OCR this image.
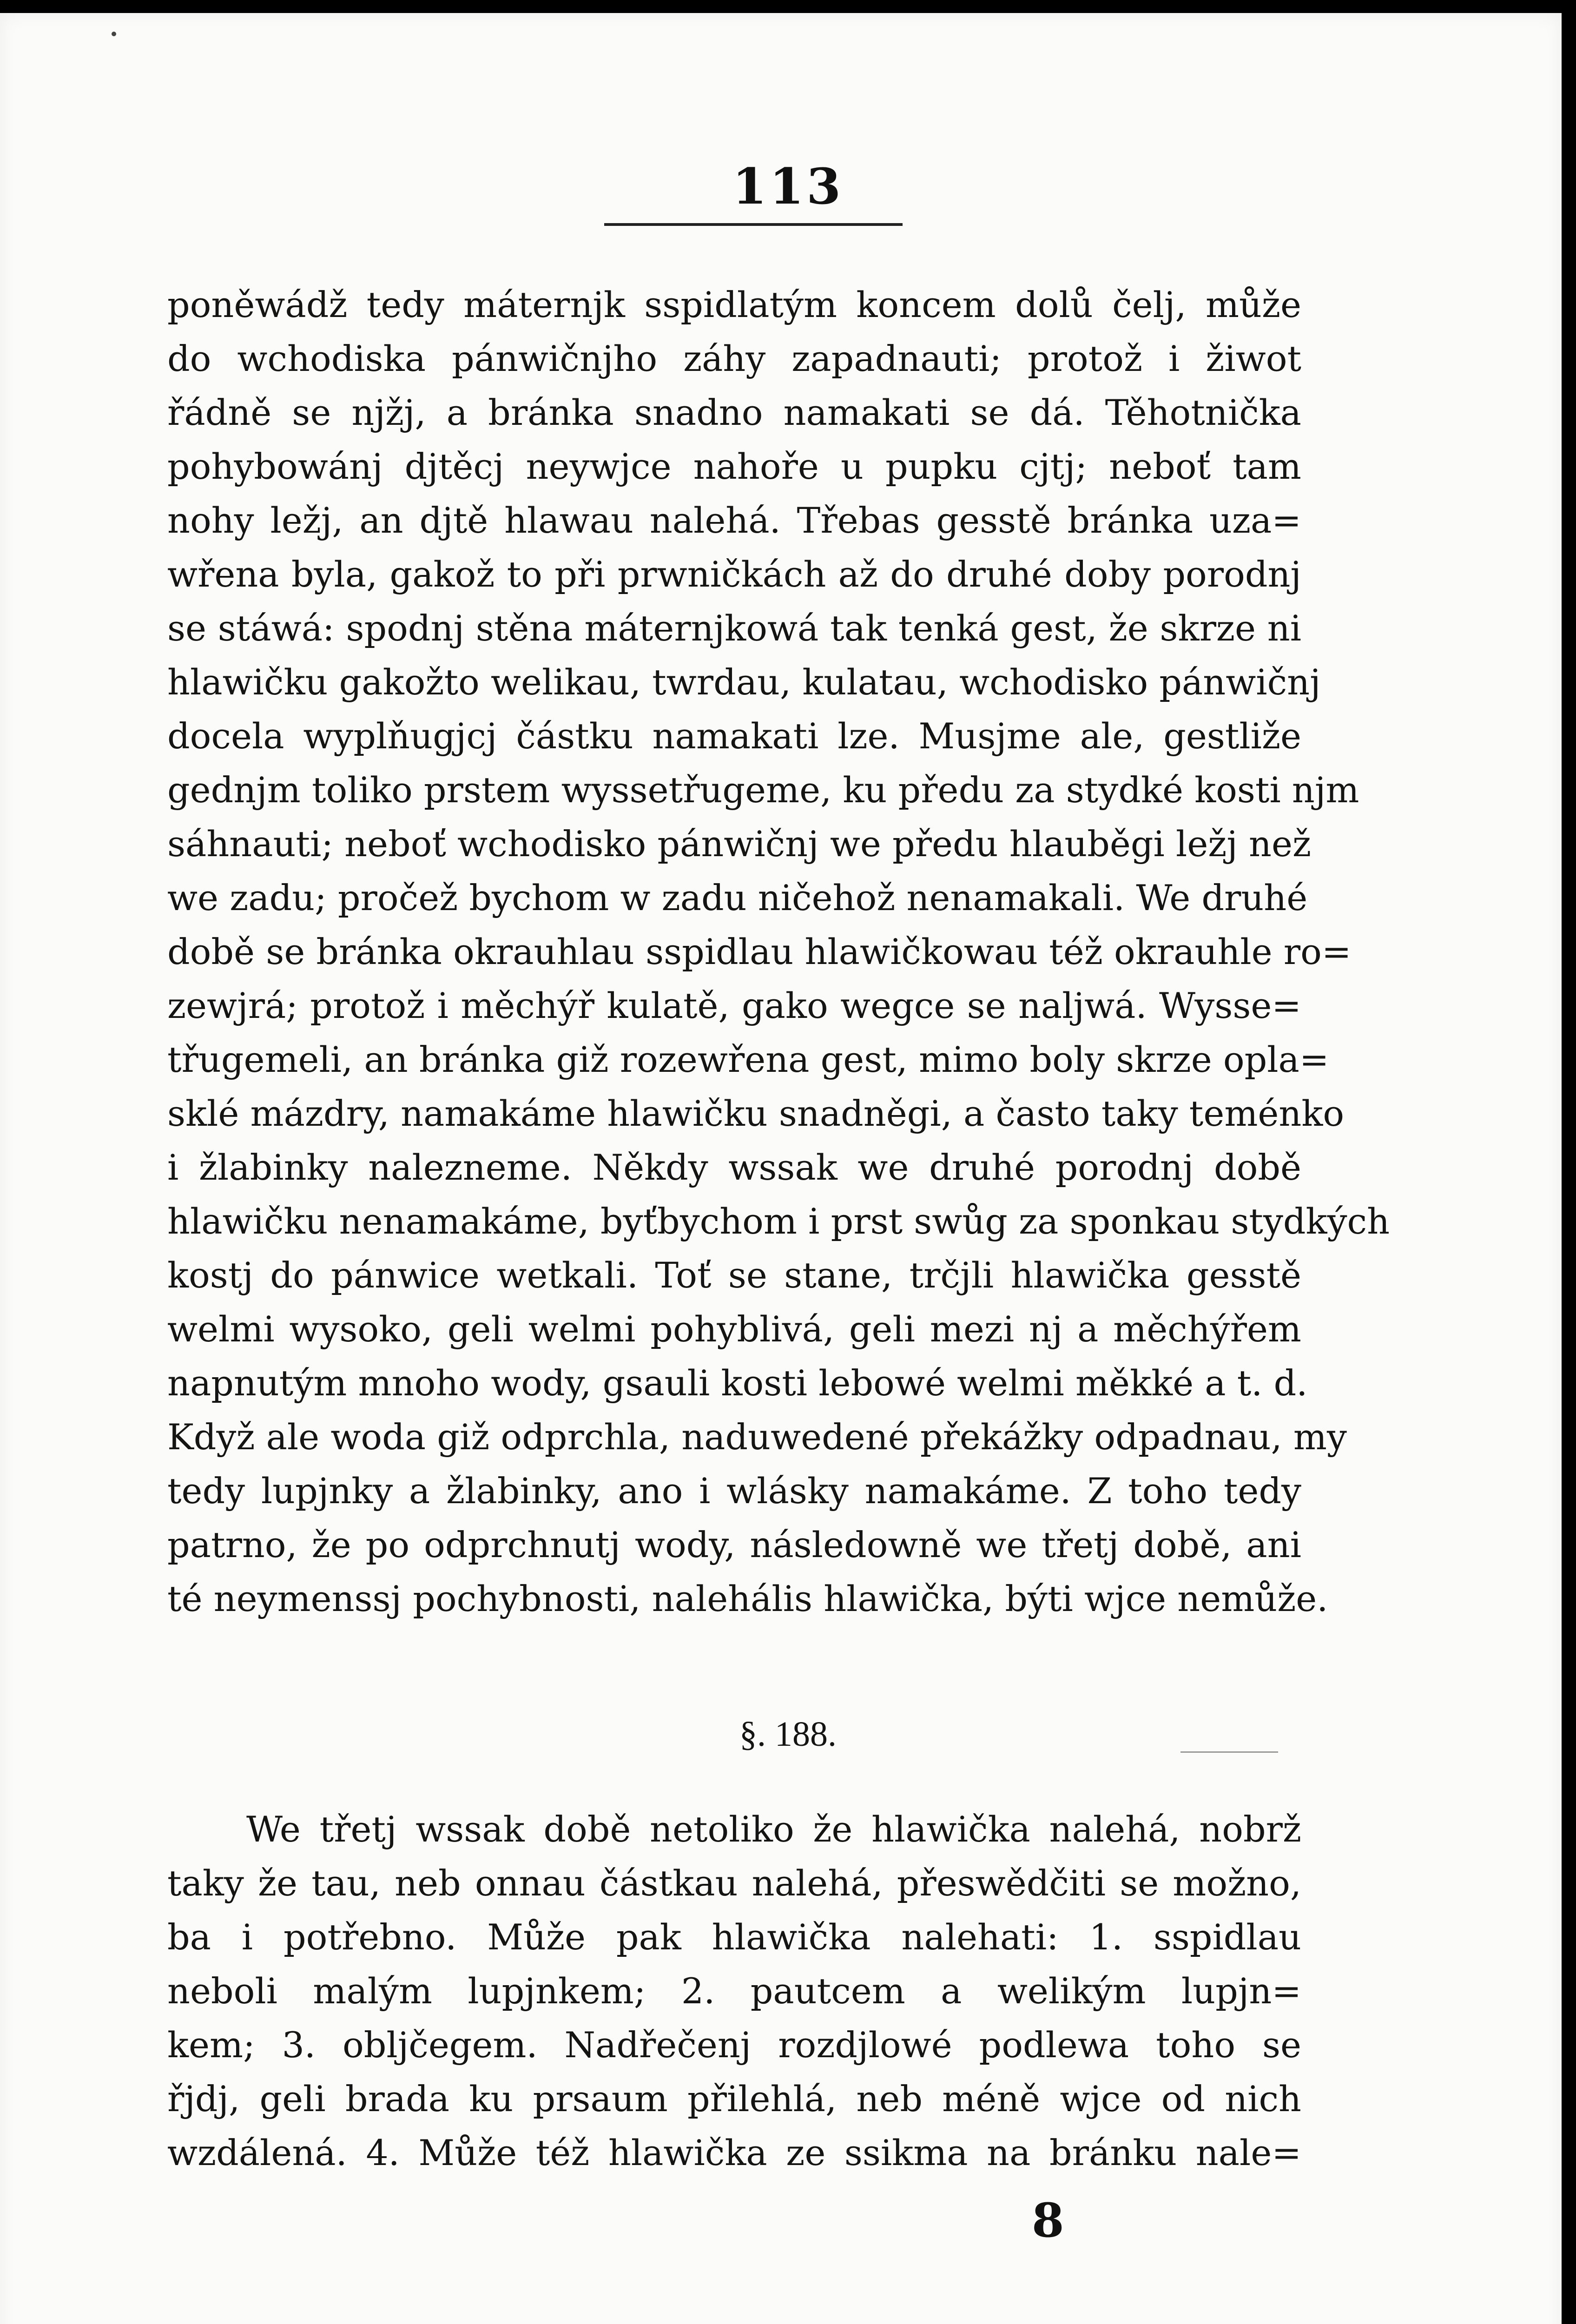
113
poněwádž tedy máternjk sspidlatým koncem dolů čelj, může
do wchodiska pánwičnjho záhy zapadnauti; protož i žiwot
řádně se njžj, a bránka snadno namakati se dá. Těhotnička
pohybowánj djtěcj neywjce nahoře u pupku cjtj; neboť tam
nohy ležj, an djtě hlawau nalehá. Třebas gesstě bránka uza=
wřena byla, gakož to při prwničkách až do druhé doby porodnj
se stáwá: spodnj stěna máternjkowá tak tenká gest, že skrze ni
hlawičku gakožto welikau, twrdau, kulatau, wchodisko pánwičnj
docela wyplňugjcj částku namakati lze. Musjme ale, gestliže
gednjm toliko prstem wyssetřugeme, ku předu za stydké kosti njm
sáhnauti; neboť wchodisko pánwičnj we předu hlauběgi ležj než
we zadu; pročež bychom w zadu ničehož nenamakali. We druhé
době se bránka okrauhlau sspidlau hlawičkowau též okrauhle ro=
zewjrá; protož i měchýř kulatě, gako wegce se naljwá. Wysse=
třugemeli, an bránka giž rozewřena gest, mimo boly skrze opla=
sklé mázdry, namakáme hlawičku snadněgi, a často taky teménko
i žlabinky nalezneme. Někdy wssak we druhé porodnj době
hlawičku nenamakáme, byťbychom i prst swůg za sponkau stydkých
kostj do pánwice wetkali. Toť se stane, trčjli hlawička gesstě
welmi wysoko, geli welmi pohyblivá, geli mezi nj a měchýřem
napnutým mnoho wody, gsauli kosti lebowé welmi měkké a t. d.
Když ale woda giž odprchla, naduwedené překážky odpadnau, my
tedy lupjnky a žlabinky, ano i wlásky namakáme. Z toho tedy
patrno, že po odprchnutj wody, následowně we třetj době, ani
té neymenssj pochybnosti, nalehális hlawička, býti wjce nemůže.
§. 188.
We třetj wssak době netoliko že hlawička nalehá, nobrž
taky že tau, neb onnau částkau nalehá, přeswědčiti se možno,
ba i potřebno. Může pak hlawička nalehati: 1. sspidlau
neboli malým lupjnkem; 2. pautcem a welikým lupjn=
kem; 3. obljčegem. Nadřečenj rozdjlowé podlewa toho se
řjdj, geli brada ku prsaum přilehlá, neb méně wjce od nich
wzdálená. 4. Může též hlawička ze ssikma na bránku nale=
8
